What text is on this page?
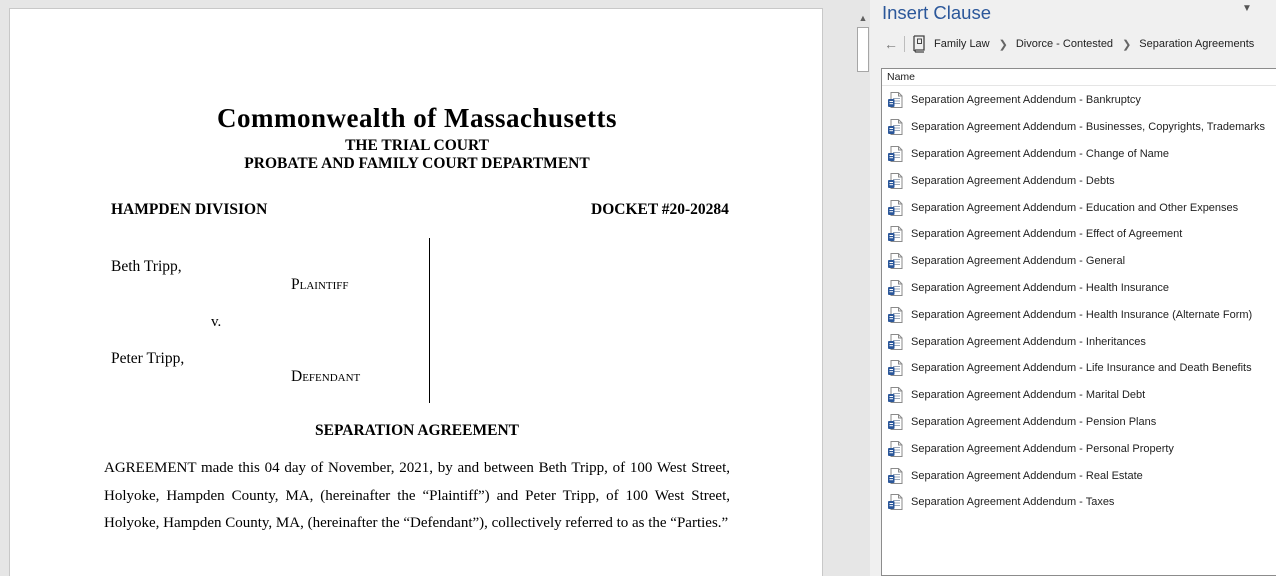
Commonwealth of Massachusetts
THE TRIAL COURT
PROBATE AND FAMILY COURT DEPARTMENT
HAMPDEN DIVISION	DOCKET #20-20284
Beth Tripp,
Plaintiff
v.
Peter Tripp,
Defendant
SEPARATION AGREEMENT
AGREEMENT made this 04 day of November, 2021, by and between Beth Tripp, of 100 West Street, Holyoke, Hampden County, MA, (hereinafter the “Plaintiff”) and Peter Tripp, of 100 West Street, Holyoke, Hampden County, MA, (hereinafter the “Defendant”), collectively referred to as the “Parties.”
▲ Insert Clause	▼
←	Family Law ❯ Divorce - Contested ❯ Separation Agreements
Name
Separation Agreement Addendum - Bankruptcy
Separation Agreement Addendum - Businesses, Copyrights, Trademarks
Separation Agreement Addendum - Change of Name
Separation Agreement Addendum - Debts
Separation Agreement Addendum - Education and Other Expenses
Separation Agreement Addendum - Effect of Agreement
Separation Agreement Addendum - General
Separation Agreement Addendum - Health Insurance
Separation Agreement Addendum - Health Insurance (Alternate Form)
Separation Agreement Addendum - Inheritances
Separation Agreement Addendum - Life Insurance and Death Benefits
Separation Agreement Addendum - Marital Debt
Separation Agreement Addendum - Pension Plans
Separation Agreement Addendum - Personal Property
Separation Agreement Addendum - Real Estate
Separation Agreement Addendum - Taxes
